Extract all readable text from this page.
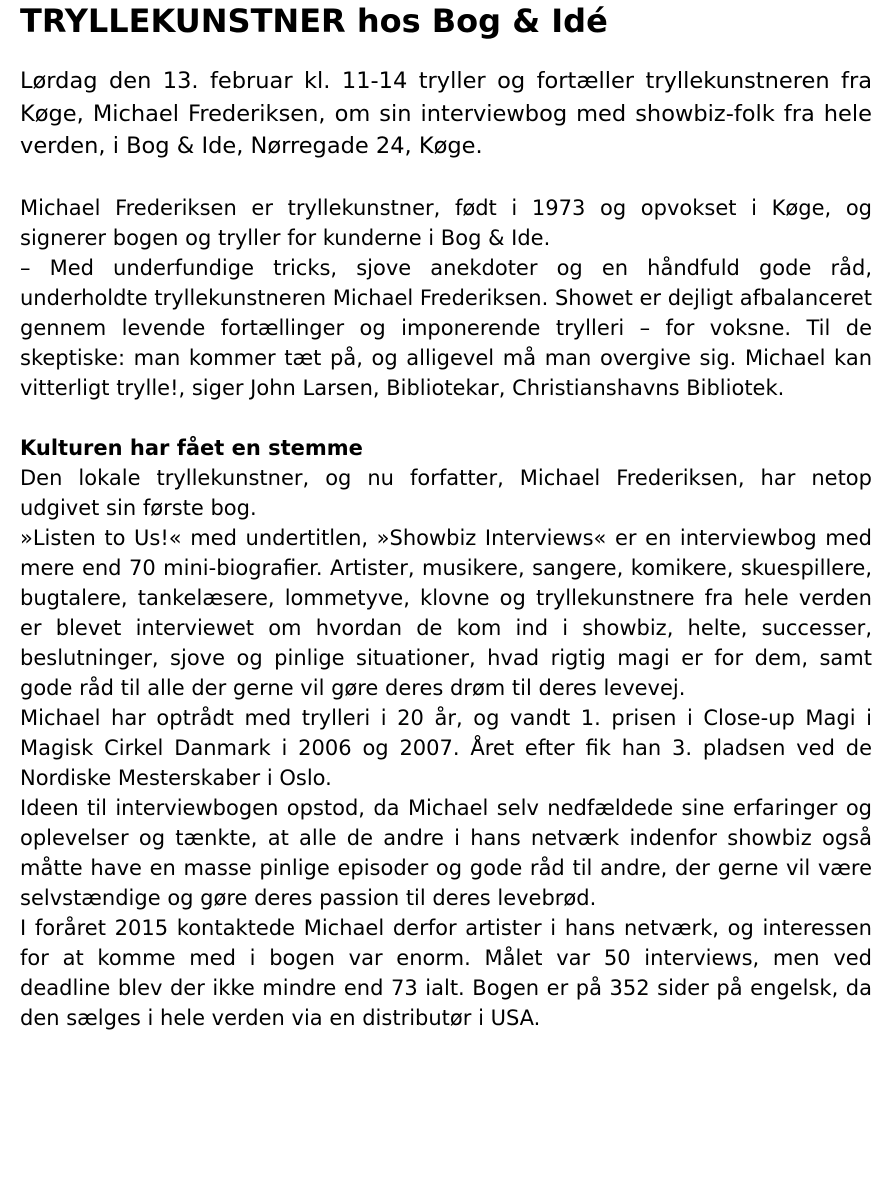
TRYLLEKUNSTNER hos Bog & Idé

Lørdag den 13. februar kl. 11-14 tryller og fortæller tryllekunstneren fra Køge, Michael Frederiksen, om sin interviewbog med showbiz-folk fra hele verden, i Bog & Ide, Nørregade 24, Køge.

Michael Frederiksen er tryllekunstner, født i 1973 og opvokset i Køge, og signerer bogen og tryller for kunderne i Bog & Ide.

– Med underfundige tricks, sjove anekdoter og en håndfuld gode råd, underholdte tryllekunstneren Michael Frederiksen. Showet er dejligt afbalanceret gennem levende fortællinger og imponerende trylleri – for voksne. Til de skeptiske: man kommer tæt på, og alligevel må man overgive sig. Michael kan vitterligt trylle!, siger John Larsen, Bibliotekar, Christianshavns Bibliotek.

Kulturen har fået en stemme

Den lokale tryllekunstner, og nu forfatter, Michael Frederiksen, har netop udgivet sin første bog.

»Listen to Us!« med undertitlen, »Showbiz Interviews« er en interviewbog med mere end 70 mini-biografier. Artister, musikere, sangere, komikere, skuespillere, bugtalere, tankelæsere, lommetyve, klovne og tryllekunstnere fra hele verden er blevet interviewet om hvordan de kom ind i showbiz, helte, successer, beslutninger, sjove og pinlige situationer, hvad rigtig magi er for dem, samt gode råd til alle der gerne vil gøre deres drøm til deres levevej.

Michael har optrådt med trylleri i 20 år, og vandt 1. prisen i Close-up Magi i Magisk Cirkel Danmark i 2006 og 2007. Året efter fik han 3. pladsen ved de Nordiske Mesterskaber i Oslo.

Ideen til interviewbogen opstod, da Michael selv nedfældede sine erfaringer og oplevelser og tænkte, at alle de andre i hans netværk indenfor showbiz også måtte have en masse pinlige episoder og gode råd til andre, der gerne vil være selvstændige og gøre deres passion til deres levebrød.

I foråret 2015 kontaktede Michael derfor artister i hans netværk, og interessen for at komme med i bogen var enorm. Målet var 50 interviews, men ved deadline blev der ikke mindre end 73 ialt. Bogen er på 352 sider på engelsk, da den sælges i hele verden via en distributør i USA.
